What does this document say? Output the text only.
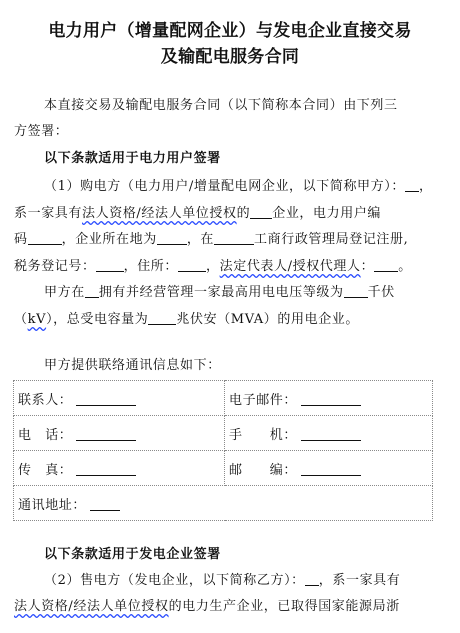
电力用户（增量配网企业）与发电企业直接交易
及输配电服务合同
本直接交易及输配电服务合同（以下简称本合同）由下列三
方签署：
以下条款适用于电力用户签署
（1）购电方（电力用户/增量配电网企业，以下简称甲方）： ，
系一家具有法人资格/经法人单位授权的 企业，电力用户编
码	，企业所在地为 ，在	工商行政管理局登记注册,
税务登记号： ，住所： ，法定代表人/授权代理人： 。
甲方在 拥有并经营管理一家最高用电电压等级为 千伏
（kV），总受电容量为 兆伏安（MVA）的用电企业。
甲方提供联络通讯信息如下：
联系人：	电子邮件：
电　话：	手　　机：
传　真：	邮　　编：
通讯地址：	
以下条款适用于发电企业签署
（2）售电方（发电企业，以下简称乙方）： ，系一家具有
法人资格/经法人单位授权的电力生产企业，已取得国家能源局浙
